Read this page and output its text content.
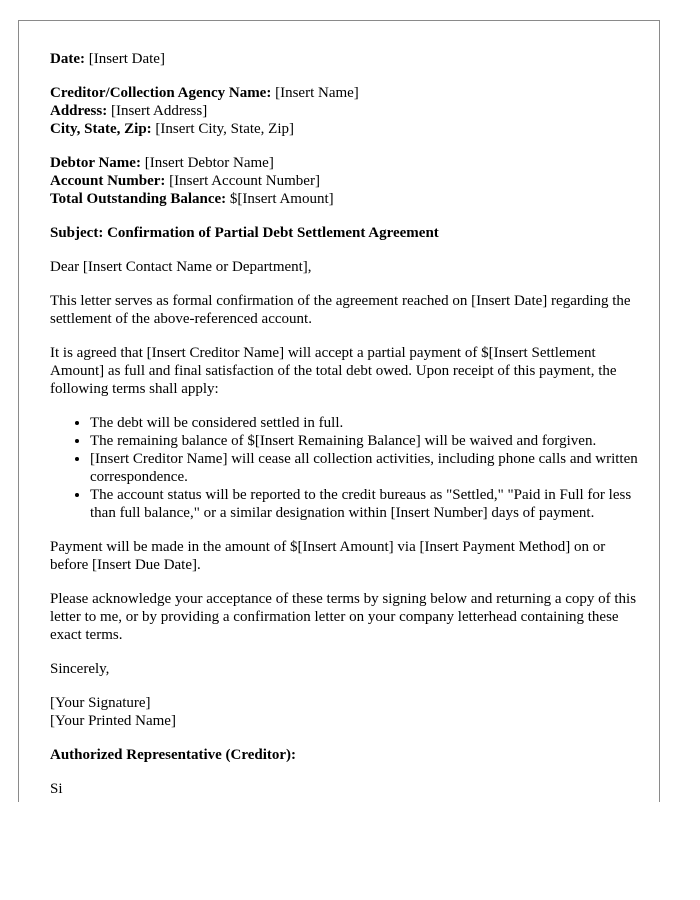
Date: [Insert Date]

Creditor/Collection Agency Name: [Insert Name]
Address: [Insert Address]
City, State, Zip: [Insert City, State, Zip]
Debtor Name: [Insert Debtor Name]
Account Number: [Insert Account Number]
Total Outstanding Balance: $[Insert Amount]

Subject: Confirmation of Partial Debt Settlement Agreement

Dear [Insert Contact Name or Department],

This letter serves as formal confirmation of the agreement reached on [Insert Date] regarding the settlement of the above-referenced account.

It is agreed that [Insert Creditor Name] will accept a partial payment of $[Insert Settlement Amount] as full and final satisfaction of the total debt owed. Upon receipt of this payment, the following terms shall apply:

• The debt will be considered settled in full.
• The remaining balance of $[Insert Remaining Balance] will be waived and forgiven.
• [Insert Creditor Name] will cease all collection activities, including phone calls and written correspondence.
• The account status will be reported to the credit bureaus as "Settled," "Paid in Full for less than full balance," or a similar designation within [Insert Number] days of payment.

Payment will be made in the amount of $[Insert Amount] via [Insert Payment Method] on or before [Insert Due Date].

Please acknowledge your acceptance of these terms by signing below and returning a copy of this letter to me, or by providing a confirmation letter on your company letterhead containing these exact terms.

Sincerely,

[Your Signature]
[Your Printed Name]

Authorized Representative (Creditor):

Si
